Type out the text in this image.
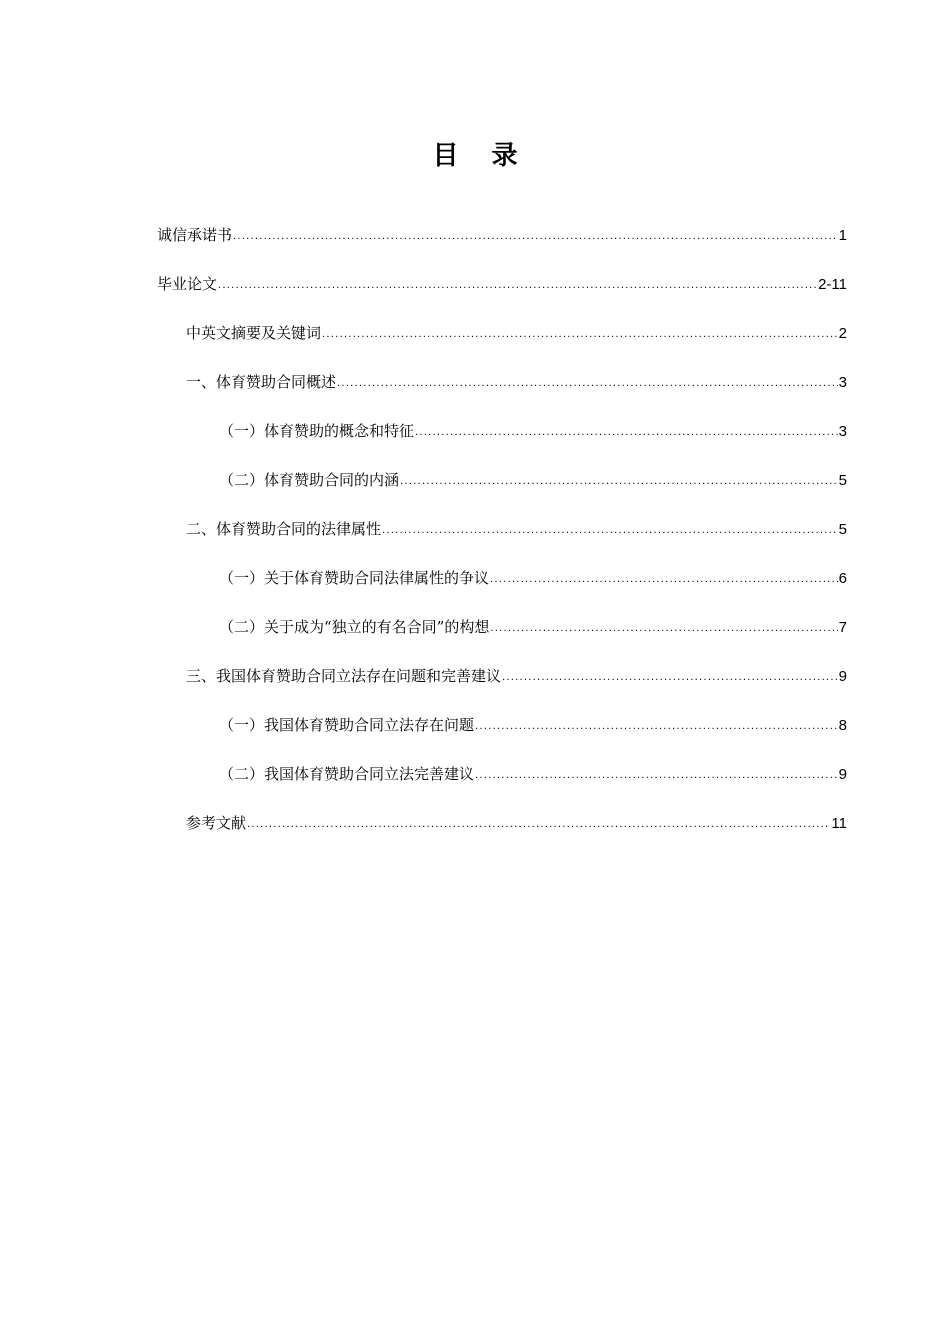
目 录
诚信承诺书 .....	1
毕业论文 .....	2-11
中英文摘要及关键词 .....	2
一、体育赞助合同概述 .....	3
（一）体育赞助的概念和特征 .....	3
（二）体育赞助合同的内涵 .....	5
二、体育赞助合同的法律属性 .....	5
（一）关于体育赞助合同法律属性的争议 .....	6
（二）关于成为“独立的有名合同”的构想 .....	7
三、我国体育赞助合同立法存在问题和完善建议 .....	9
（一）我国体育赞助合同立法存在问题 .....	8
（二）我国体育赞助合同立法完善建议 .....	9
参考文献 .....	11
